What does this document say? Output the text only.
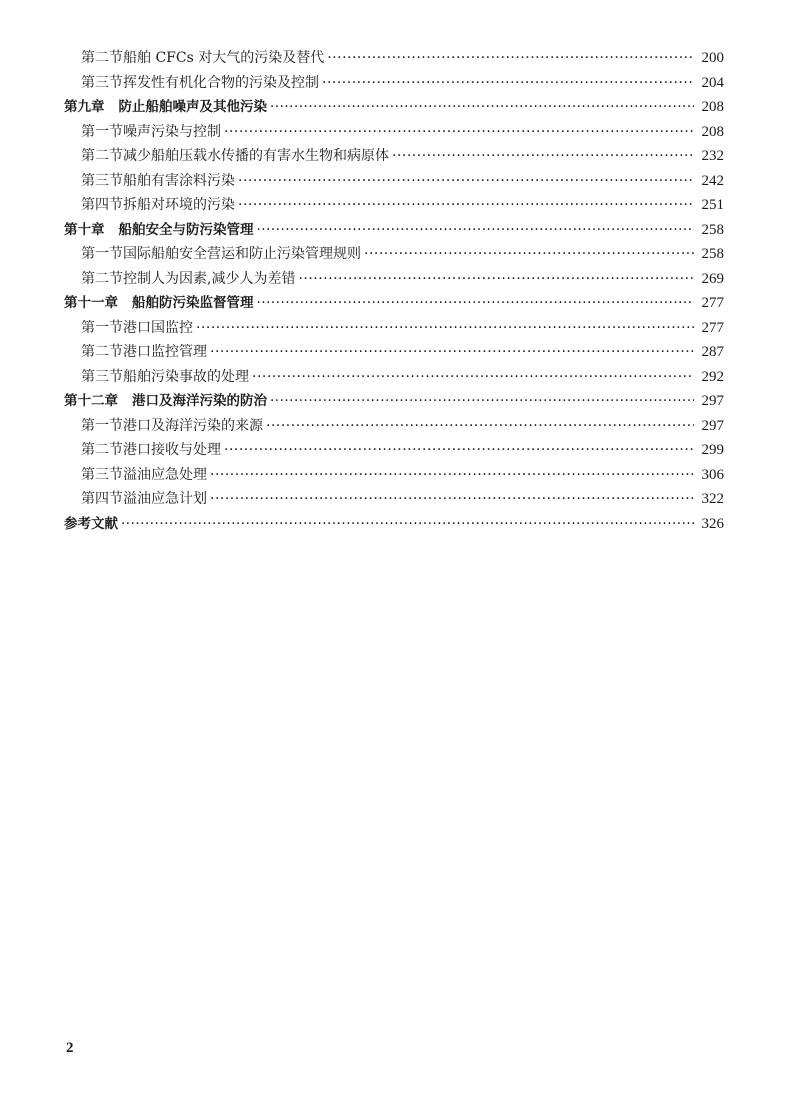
第二节 船舶 CFCs 对大气的污染及替代 ·····	200
第三节 挥发性有机化合物的污染及控制 ·····	204
第九章 防止船舶噪声及其他污染 ·····	208
第一节 噪声污染与控制 ·····	208
第二节 减少船舶压载水传播的有害水生物和病原体 ·····	232
第三节 船舶有害涂料污染 ·····	242
第四节 拆船对环境的污染 ·····	251
第十章 船舶安全与防污染管理 ·····	258
第一节 国际船舶安全营运和防止污染管理规则 ·····	258
第二节 控制人为因素,减少人为差错 ·····	269
第十一章 船舶防污染监督管理 ·····	277
第一节 港口国监控 ·····	277
第二节 港口监控管理 ·····	287
第三节 船舶污染事故的处理 ·····	292
第十二章 港口及海洋污染的防治 ·····	297
第一节 港口及海洋污染的来源 ·····	297
第二节 港口接收与处理 ·····	299
第三节 溢油应急处理 ·····	306
第四节 溢油应急计划 ·····	322
参考文献 ·····	326
2
